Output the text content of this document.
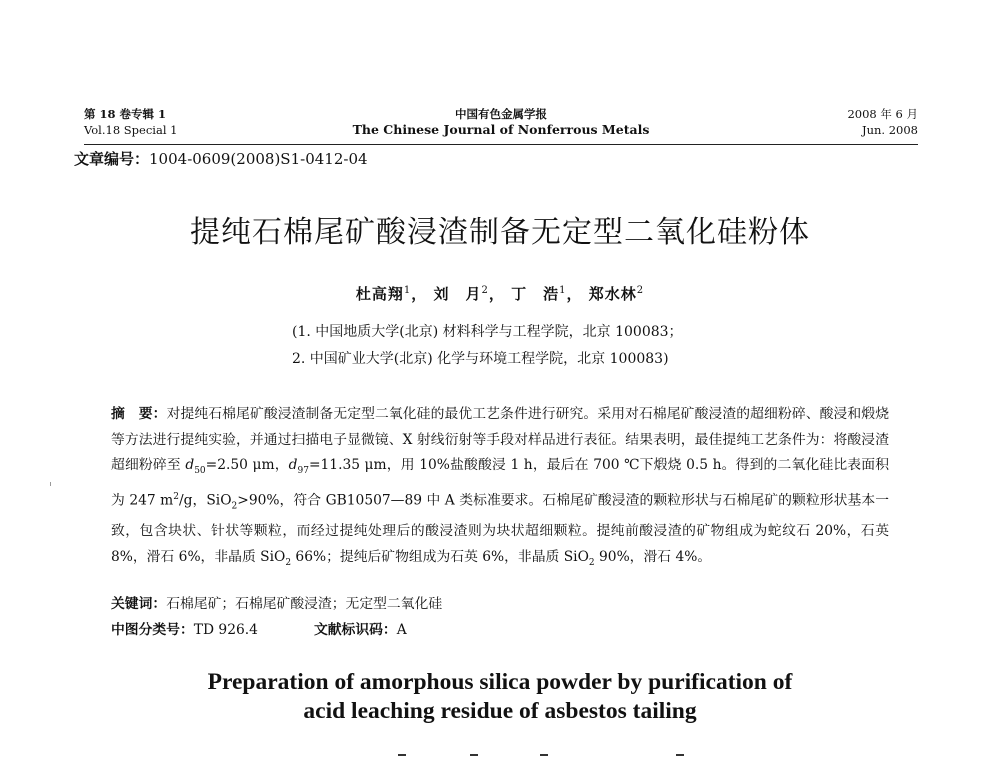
第 18 卷专辑 1
Vol.18 Special 1
中国有色金属学报
The Chinese Journal of Nonferrous Metals
2008 年 6 月
Jun. 2008
文章编号：1004-0609(2008)S1-0412-04
提纯石棉尾矿酸浸渣制备无定型二氧化硅粉体
杜高翔$^1$， 刘　月$^2$， 丁　浩$^1$， 郑水林$^2$
(1. 中国地质大学(北京) 材料科学与工程学院，北京 100083；
2. 中国矿业大学(北京) 化学与环境工程学院，北京 100083)
摘　要：对提纯石棉尾矿酸浸渣制备无定型二氧化硅的最优工艺条件进行研究。采用对石棉尾矿酸浸渣的超细粉碎、酸浸和煅烧等方法进行提纯实验，并通过扫描电子显微镜、X 射线衍射等手段对样品进行表征。结果表明，最佳提纯工艺条件为：将酸浸渣超细粉碎至 $d_{50}=2.50$ μm，$d_{97}=11.35$ μm，用 10%盐酸酸浸 1 h，最后在 700 ℃下煅烧 0.5 h。得到的二氧化硅比表面积为 247 $m^2/g$，SiO$_2$>90%，符合 GB10507—89 中 A 类标准要求。石棉尾矿酸浸渣的颗粒形状与石棉尾矿的颗粒形状基本一致，包含块状、针状等颗粒，而经过提纯处理后的酸浸渣则为块状超细颗粒。提纯前酸浸渣的矿物组成为蛇纹石 20%，石英 8%，滑石 6%，非晶质 SiO$_2$ 66%；提纯后矿物组成为石英 6%，非晶质 SiO$_2$ 90%，滑石 4%。
关键词：石棉尾矿；石棉尾矿酸浸渣；无定型二氧化硅
中图分类号：TD 926.4	文献标识码：A
Preparation of amorphous silica powder by purification of
acid leaching residue of asbestos tailing
